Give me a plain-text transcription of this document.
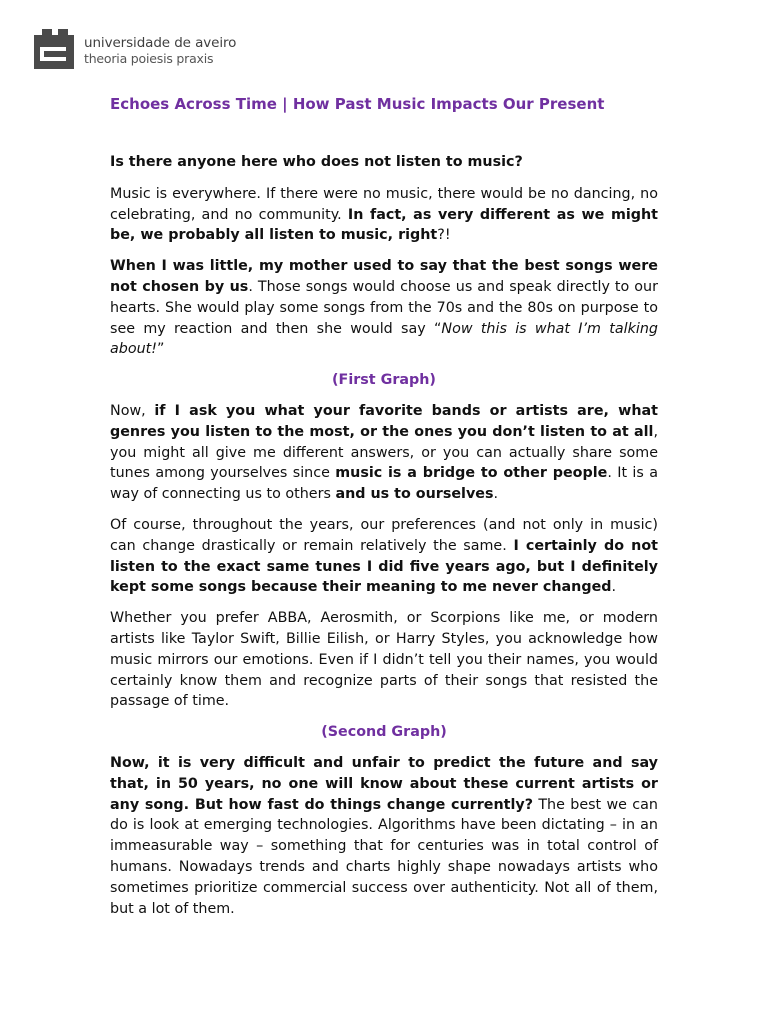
universidade de aveiro
theoria poiesis praxis
Echoes Across Time | How Past Music Impacts Our Present

Is there anyone here who does not listen to music?

Music is everywhere. If there were no music, there would be no dancing, no celebrating, and no community. In fact, as very different as we might be, we probably all listen to music, right?!

When I was little, my mother used to say that the best songs were not chosen by us. Those songs would choose us and speak directly to our hearts. She would play some songs from the 70s and the 80s on purpose to see my reaction and then she would say “Now this is what I’m talking about!”

(First Graph)

Now, if I ask you what your favorite bands or artists are, what genres you listen to the most, or the ones you don’t listen to at all, you might all give me different answers, or you can actually share some tunes among yourselves since music is a bridge to other people. It is a way of connecting us to others and us to ourselves.

Of course, throughout the years, our preferences (and not only in music) can change drastically or remain relatively the same. I certainly do not listen to the exact same tunes I did five years ago, but I definitely kept some songs because their meaning to me never changed.

Whether you prefer ABBA, Aerosmith, or Scorpions like me, or modern artists like Taylor Swift, Billie Eilish, or Harry Styles, you acknowledge how music mirrors our emotions. Even if I didn’t tell you their names, you would certainly know them and recognize parts of their songs that resisted the passage of time.

(Second Graph)

Now, it is very difficult and unfair to predict the future and say that, in 50 years, no one will know about these current artists or any song. But how fast do things change currently? The best we can do is look at emerging technologies. Algorithms have been dictating – in an immeasurable way – something that for centuries was in total control of humans. Nowadays trends and charts highly shape nowadays artists who sometimes prioritize commercial success over authenticity. Not all of them, but a lot of them.
